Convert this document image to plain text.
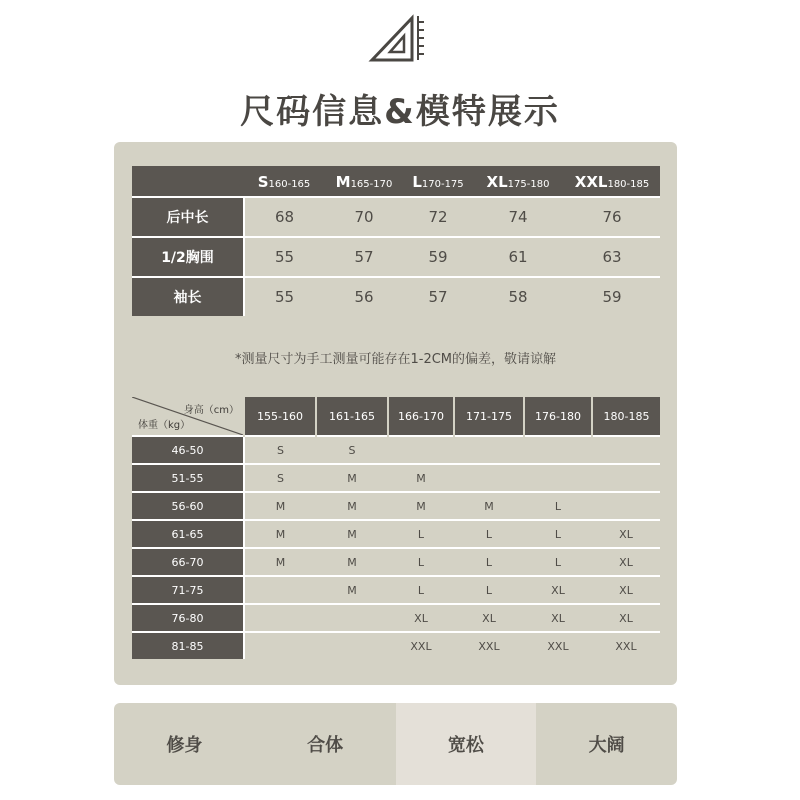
尺码信息&模特展示
	S160-165	M165-170	L170-175	XL175-180	XXL180-185
后中长	68	70	72	74	76
1/2胸围	55	57	59	61	63
袖长	55	56	57	58	59
*测量尺寸为手工测量可能存在1-2CM的偏差，敬请谅解
身高（cm）
体重（kg）	155-160	161-165	166-170	171-175	176-180	180-185
46-50	S	S				
51-55	S	M	M			
56-60	M	M	M	M	L	
61-65	M	M	L	L	L	XL
66-70	M	M	L	L	L	XL
71-75		M	L	L	XL	XL
76-80			XL	XL	XL	XL
81-85			XXL	XXL	XXL	XXL
修身	合体	宽松	大阔
